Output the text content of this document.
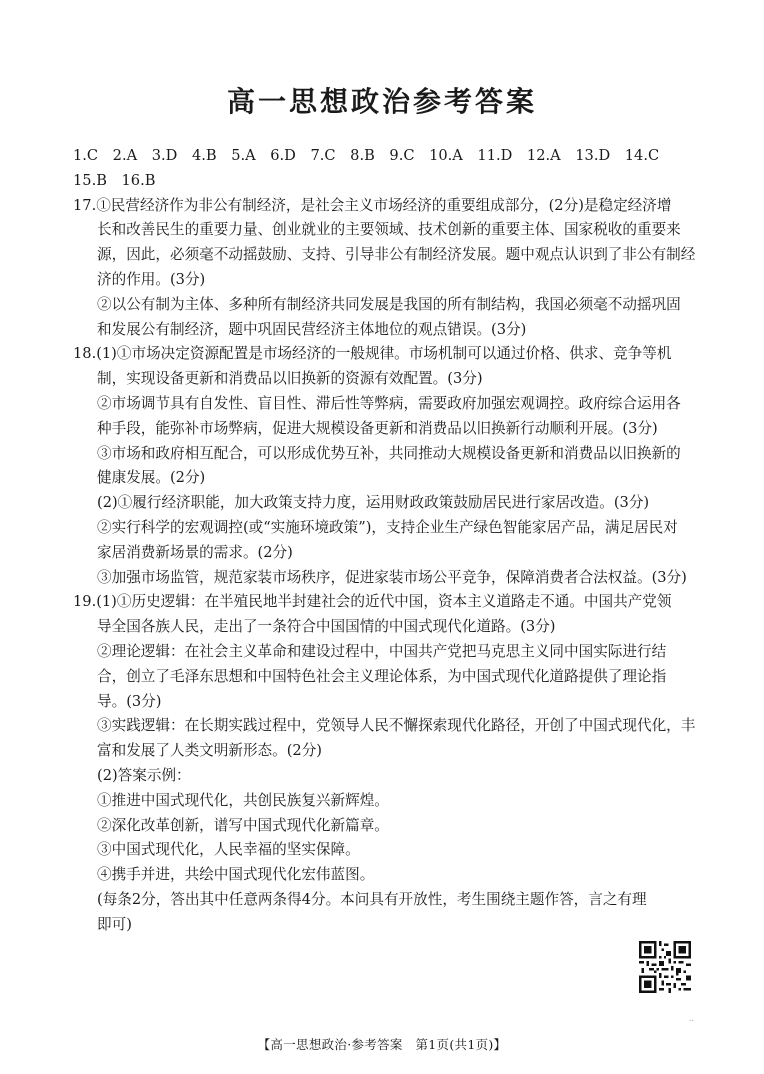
高一思想政治参考答案
1.C　2.A　3.D　4.B　5.A　6.D　7.C　8.B　9.C　10.A　11.D　12.A　13.D　14.C
15.B　16.B
17.①民营经济作为非公有制经济，是社会主义市场经济的重要组成部分，(2分)是稳定经济增
长和改善民生的重要力量、创业就业的主要领域、技术创新的重要主体、国家税收的重要来
源，因此，必须毫不动摇鼓励、支持、引导非公有制经济发展。题中观点认识到了非公有制经
济的作用。(3分)
②以公有制为主体、多种所有制经济共同发展是我国的所有制结构，我国必须毫不动摇巩固
和发展公有制经济，题中巩固民营经济主体地位的观点错误。(3分)
18.(1)①市场决定资源配置是市场经济的一般规律。市场机制可以通过价格、供求、竞争等机
制，实现设备更新和消费品以旧换新的资源有效配置。(3分)
②市场调节具有自发性、盲目性、滞后性等弊病，需要政府加强宏观调控。政府综合运用各
种手段，能弥补市场弊病，促进大规模设备更新和消费品以旧换新行动顺利开展。(3分)
③市场和政府相互配合，可以形成优势互补，共同推动大规模设备更新和消费品以旧换新的
健康发展。(2分)
(2)①履行经济职能，加大政策支持力度，运用财政政策鼓励居民进行家居改造。(3分)
②实行科学的宏观调控(或“实施环境政策”)，支持企业生产绿色智能家居产品，满足居民对
家居消费新场景的需求。(2分)
③加强市场监管，规范家装市场秩序，促进家装市场公平竞争，保障消费者合法权益。(3分)
19.(1)①历史逻辑：在半殖民地半封建社会的近代中国，资本主义道路走不通。中国共产党领
导全国各族人民，走出了一条符合中国国情的中国式现代化道路。(3分)
②理论逻辑：在社会主义革命和建设过程中，中国共产党把马克思主义同中国实际进行结
合，创立了毛泽东思想和中国特色社会主义理论体系，为中国式现代化道路提供了理论指
导。(3分)
③实践逻辑：在长期实践过程中，党领导人民不懈探索现代化路径，开创了中国式现代化，丰
富和发展了人类文明新形态。(2分)
(2)答案示例：
①推进中国式现代化，共创民族复兴新辉煌。
②深化改革创新，谱写中国式现代化新篇章。
③中国式现代化，人民幸福的坚实保障。
④携手并进，共绘中国式现代化宏伟蓝图。
(每条2分，答出其中任意两条得4分。本问具有开放性，考生围绕主题作答，言之有理
即可)
..
【高一思想政治·参考答案　第1页(共1页)】
